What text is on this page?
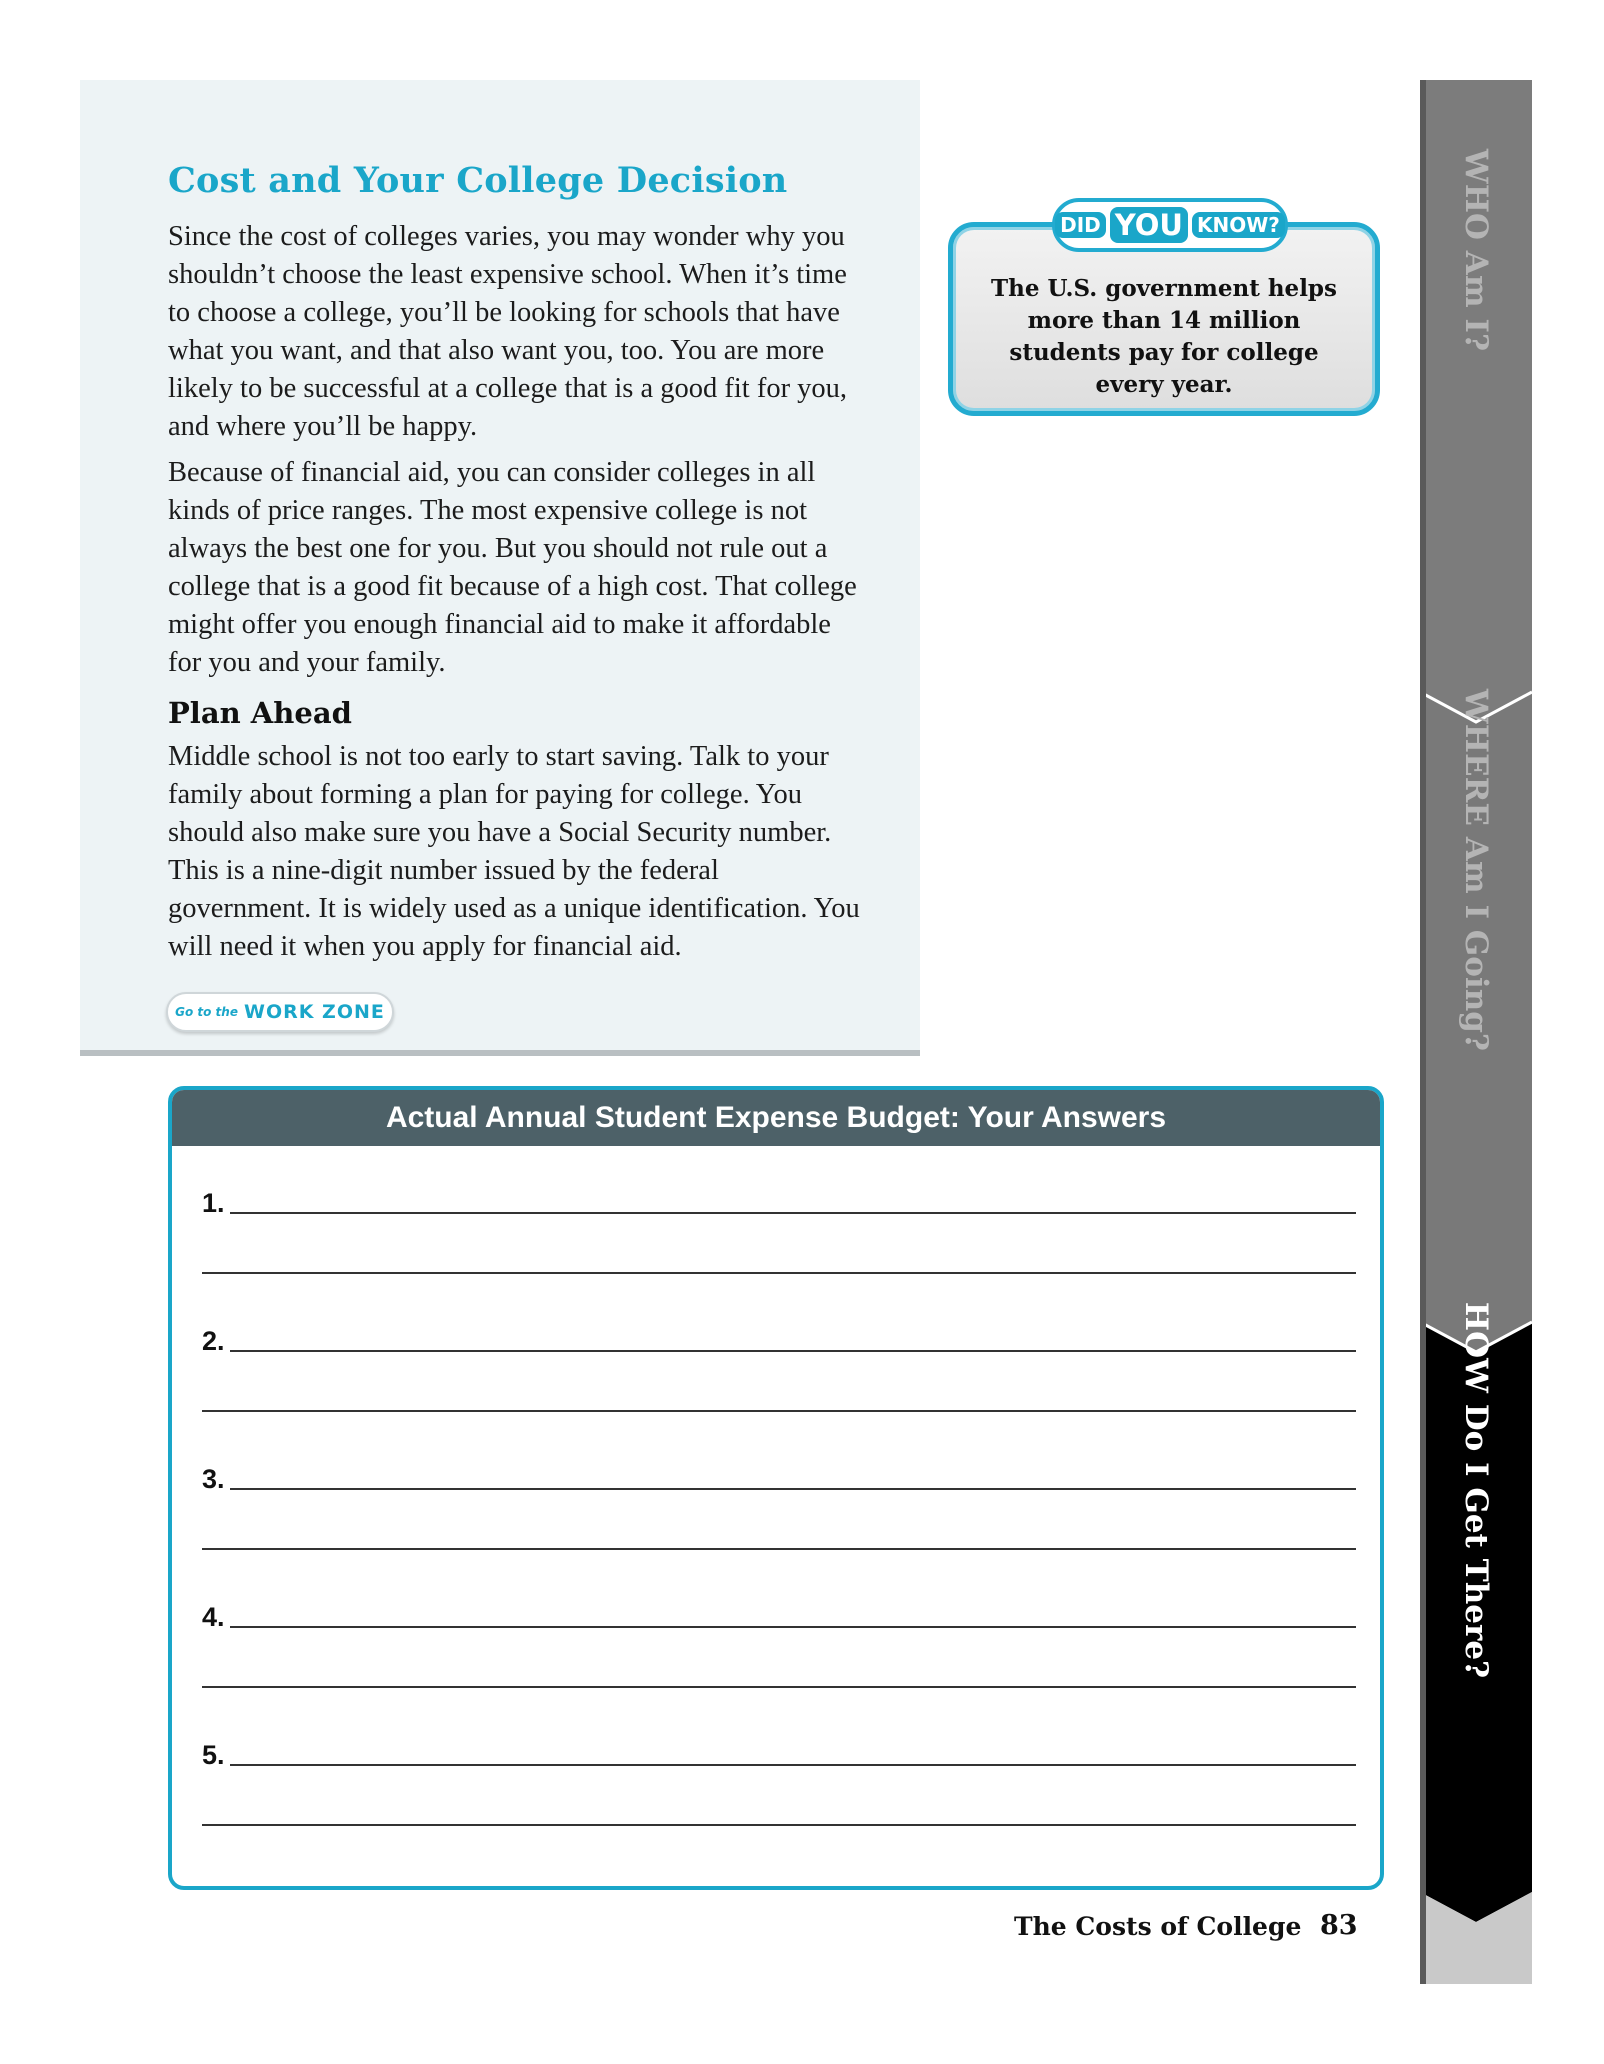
Cost and Your College Decision

Since the cost of colleges varies, you may wonder why you shouldn’t choose the least expensive school. When it’s time to choose a college, you’ll be looking for schools that have what you want, and that also want you, too. You are more likely to be successful at a college that is a good fit for you, and where you’ll be happy.

Because of financial aid, you can consider colleges in all kinds of price ranges. The most expensive college is not always the best one for you. But you should not rule out a college that is a good fit because of a high cost. That college might offer you enough financial aid to make it affordable for you and your family.

Plan Ahead

Middle school is not too early to start saving. Talk to your family about forming a plan for paying for college. You should also make sure you have a Social Security number. This is a nine-digit number issued by the federal government. It is widely used as a unique identification. You will need it when you apply for financial aid.

Go to the WORK ZONE

The U.S. government helps more than 14 million students pay for college every year.

DID YOU KNOW?
Actual Annual Student Expense Budget: Your Answers
1.
2.
3.
4.
5.
WHO Am I?
WHERE Am I Going?
HOW Do I Get There?
The Costs of College 83
